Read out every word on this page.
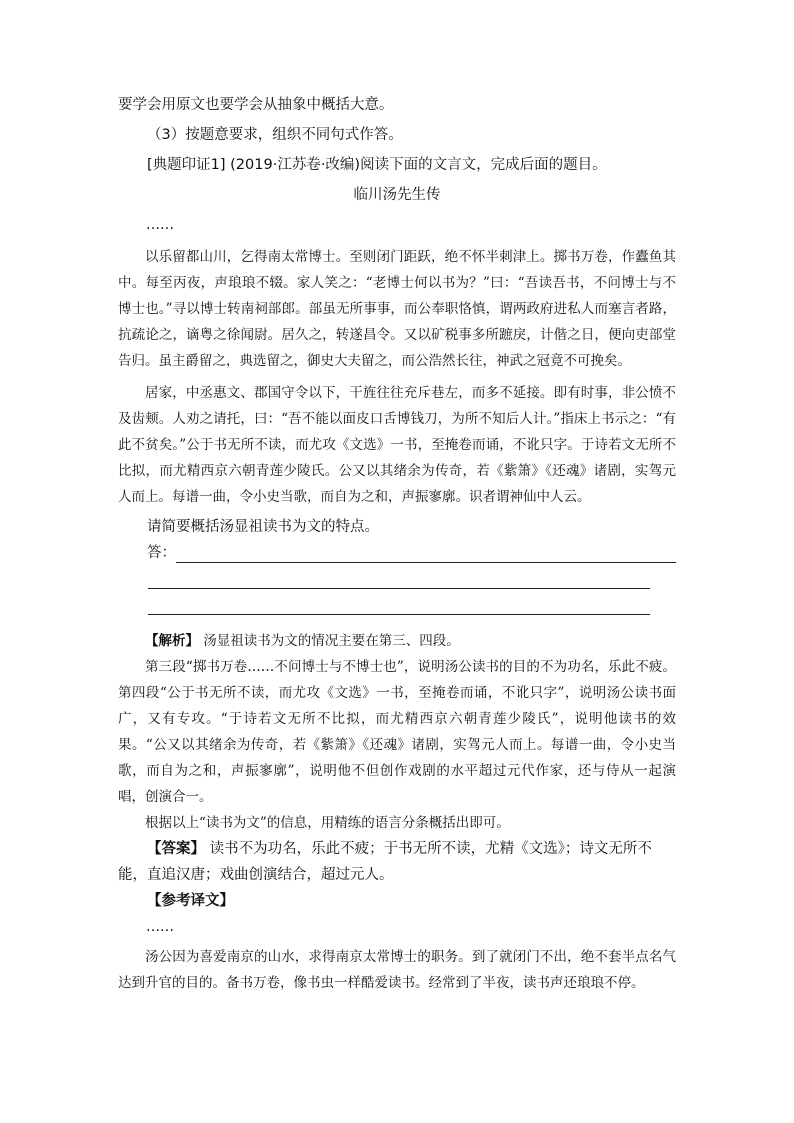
要学会用原文也要学会从抽象中概括大意。

（3）按题意要求，组织不同句式作答。

[典题印证1] (2019·江苏卷·改编)阅读下面的文言文，完成后面的题目。

临川汤先生传

……

以乐留都山川，乞得南太常博士。至则闭门距跃，绝不怀半刺津上。掷书万卷，作蠹鱼其中。每至丙夜，声琅琅不辍。家人笑之：“老博士何以书为？”曰：“吾读吾书，不问博士与不博士也。”寻以博士转南祠部郎。部虽无所事事，而公奉职恪慎，谓两政府进私人而塞言者路，抗疏论之，谪粤之徐闻尉。居久之，转遂昌令。又以矿税事多所蹠戾，计偕之日，便向吏部堂告归。虽主爵留之，典选留之，御史大夫留之，而公浩然长往，神武之冠竟不可挽矣。

居家，中丞惠文、郡国守令以下，干旌往往充斥巷左，而多不延接。即有时事，非公愤不及齿颊。人劝之请托，曰：“吾不能以面皮口舌博钱刀，为所不知后人计。”指床上书示之：“有此不贫矣。”公于书无所不读，而尤攻《文选》一书，至掩卷而诵，不讹只字。于诗若文无所不比拟，而尤精西京六朝青莲少陵氏。公又以其绪余为传奇，若《紫箫》《还魂》诸剧，实驾元人而上。每谱一曲，令小史当歌，而自为之和，声振寥廓。识者谓神仙中人云。

请简要概括汤显祖读书为文的特点。

答：

【解析】 汤显祖读书为文的情况主要在第三、四段。

第三段“掷书万卷……不问博士与不博士也”，说明汤公读书的目的不为功名，乐此不疲。第四段“公于书无所不读，而尤攻《文选》一书，至掩卷而诵，不讹只字”，说明汤公读书面广，又有专攻。“于诗若文无所不比拟，而尤精西京六朝青莲少陵氏”，说明他读书的效果。“公又以其绪余为传奇，若《紫箫》《还魂》诸剧，实驾元人而上。每谱一曲，令小史当歌，而自为之和，声振寥廓”，说明他不但创作戏剧的水平超过元代作家，还与侍从一起演唱，创演合一。

根据以上“读书为文”的信息，用精练的语言分条概括出即可。

【答案】 读书不为功名，乐此不疲；于书无所不读，尤精《文选》；诗文无所不能，直追汉唐；戏曲创演结合，超过元人。

【参考译文】

……

汤公因为喜爱南京的山水，求得南京太常博士的职务。到了就闭门不出，绝不套半点名气达到升官的目的。备书万卷，像书虫一样酷爱读书。经常到了半夜，读书声还琅琅不停。
